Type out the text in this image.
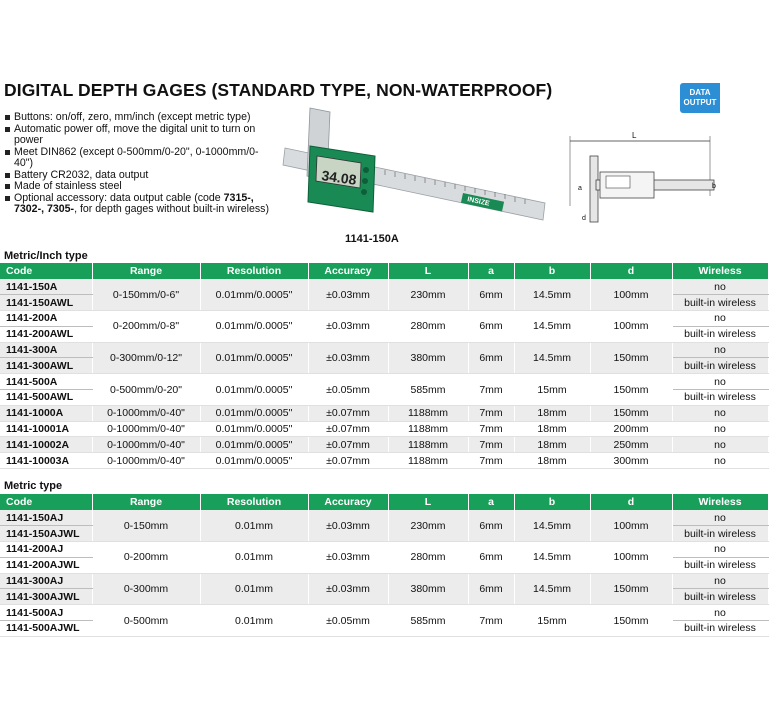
DIGITAL DEPTH GAGES (STANDARD TYPE, NON-WATERPROOF)	DATA
OUTPUT
Buttons: on/off, zero, mm/inch (except metric type)
Automatic power off, move the digital unit to turn on power
Meet DIN862 (except 0-500mm/0-20", 0-1000mm/0-40")
Battery CR2032, data output
Made of stainless steel
Optional accessory: data output cable (code 7315-, 7302-, 7305-, for depth gages without built-in wireless)
34.08
INSIZE
1141-150A
L
a	b
d
Metric/Inch type
Code	Range	Resolution	Accuracy	L	a	b	d	Wireless
1141-150A	0-150mm/0-6"	0.01mm/0.0005"	±0.03mm	230mm	6mm	14.5mm	100mm	no
1141-150AWL								built-in wireless
1141-200A	0-200mm/0-8"	0.01mm/0.0005"	±0.03mm	280mm	6mm	14.5mm	100mm	no
1141-200AWL								built-in wireless
1141-300A	0-300mm/0-12"	0.01mm/0.0005"	±0.03mm	380mm	6mm	14.5mm	150mm	no
1141-300AWL								built-in wireless
1141-500A	0-500mm/0-20"	0.01mm/0.0005"	±0.05mm	585mm	7mm	15mm	150mm	no
1141-500AWL								built-in wireless
1141-1000A	0-1000mm/0-40"	0.01mm/0.0005"	±0.07mm	1188mm	7mm	18mm	150mm	no
1141-10001A	0-1000mm/0-40"	0.01mm/0.0005"	±0.07mm	1188mm	7mm	18mm	200mm	no
1141-10002A	0-1000mm/0-40"	0.01mm/0.0005"	±0.07mm	1188mm	7mm	18mm	250mm	no
1141-10003A	0-1000mm/0-40"	0.01mm/0.0005"	±0.07mm	1188mm	7mm	18mm	300mm	no
Metric type
Code	Range	Resolution	Accuracy	L	a	b	d	Wireless
1141-150AJ	0-150mm	0.01mm	±0.03mm	230mm	6mm	14.5mm	100mm	no
1141-150AJWL								built-in wireless
1141-200AJ	0-200mm	0.01mm	±0.03mm	280mm	6mm	14.5mm	100mm	no
1141-200AJWL								built-in wireless
1141-300AJ	0-300mm	0.01mm	±0.03mm	380mm	6mm	14.5mm	150mm	no
1141-300AJWL								built-in wireless
1141-500AJ	0-500mm	0.01mm	±0.05mm	585mm	7mm	15mm	150mm	no
1141-500AJWL								built-in wireless
